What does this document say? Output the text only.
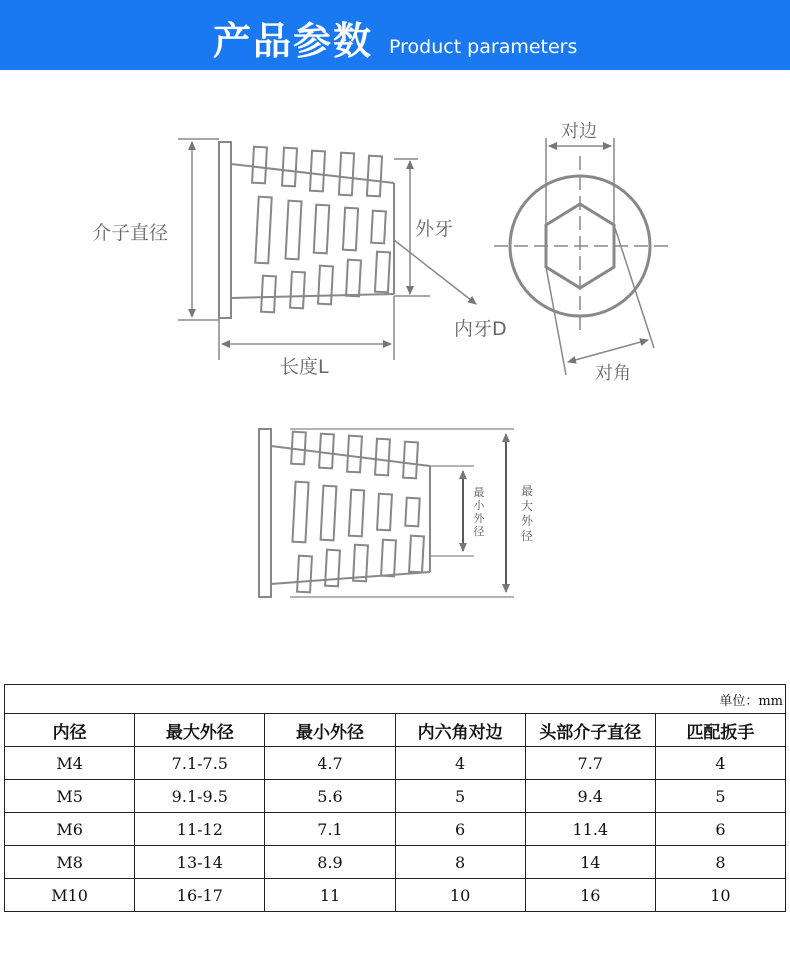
产品参数 Product parameters
介子直径	外牙
内牙D
长度L
对边
对角
最小外径
最大外径
单位：mm					
内径	最大外径	最小外径	内六角对边	头部介子直径	匹配扳手
M4	7.1-7.5	4.7	4	7.7	4
M5	9.1-9.5	5.6	5	9.4	5
M6	11-12	7.1	6	11.4	6
M8	13-14	8.9	8	14	8
M10	16-17	11	10	16	10
